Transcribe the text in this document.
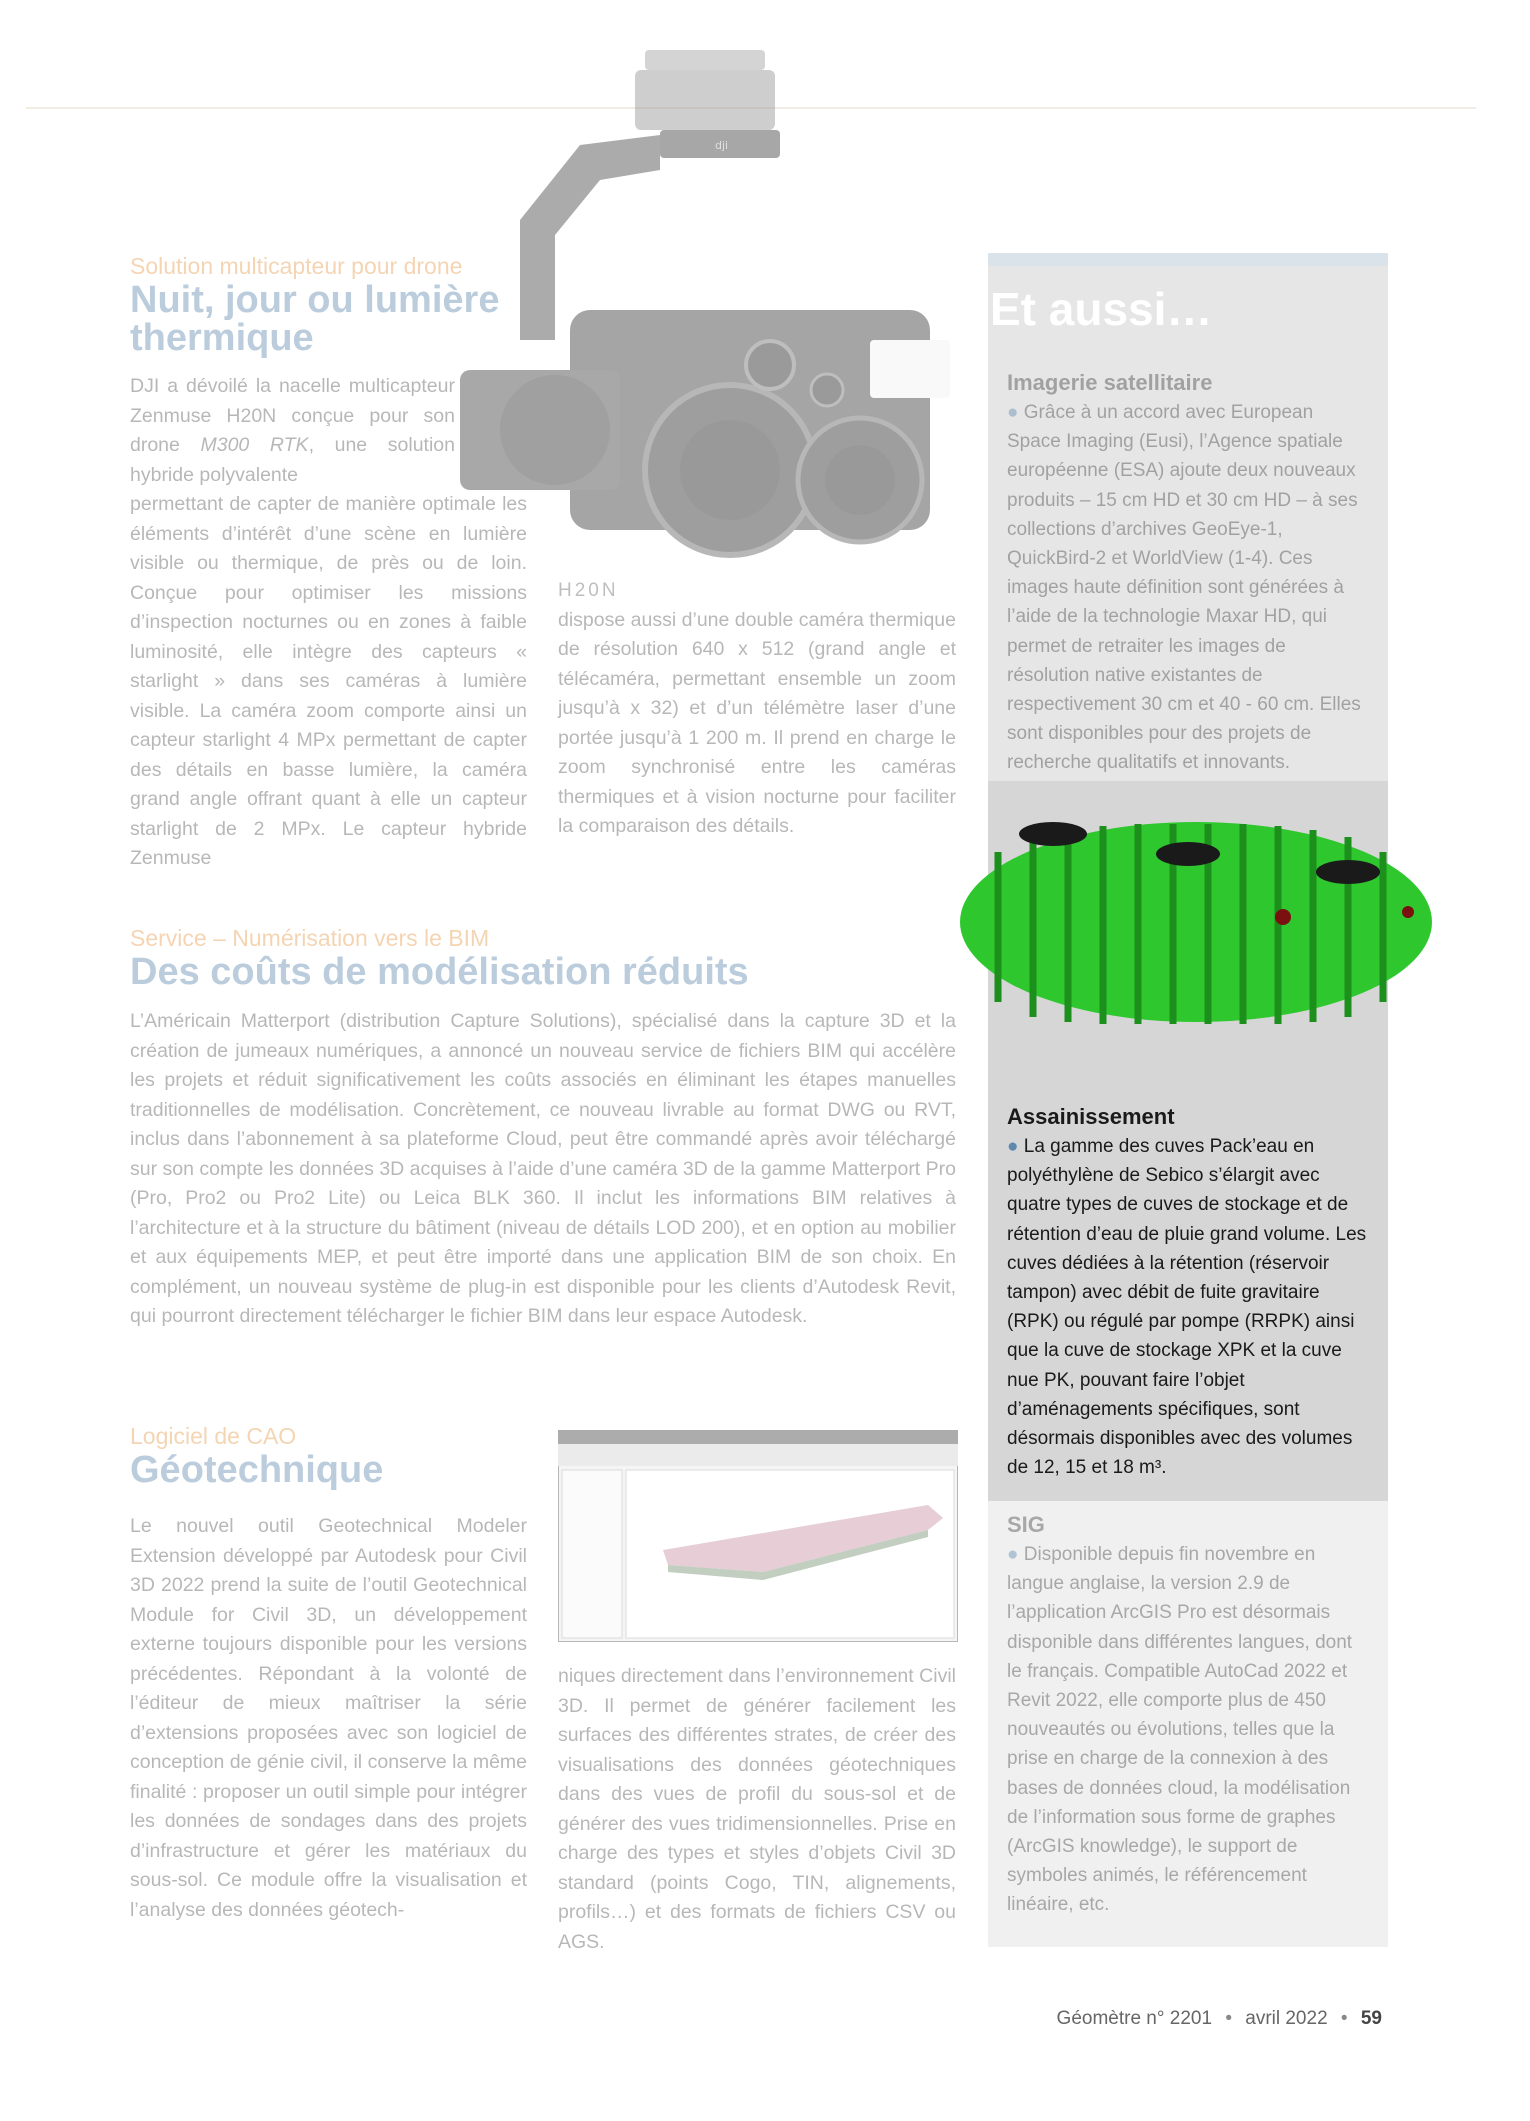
dji
Solution multicapteur pour drone
Nuit, jour ou lumière thermique

DJI a dévoilé la nacelle multicapteur Zenmuse H20N conçue pour son drone M300 RTK, une solution hybride polyvalente

permettant de capter de manière optimale les éléments d’intérêt d’une scène en lumière visible ou thermique, de près ou de loin. Conçue pour optimiser les missions d’inspection nocturnes ou en zones à faible luminosité, elle intègre des capteurs « starlight » dans ses caméras à lumière visible. La caméra zoom comporte ainsi un capteur starlight 4 MPx permettant de capter des détails en basse lumière, la caméra grand angle offrant quant à elle un capteur starlight de 2 MPx. Le capteur hybride Zenmuse

H20N

dispose aussi d’une double caméra thermique de résolution 640 x 512 (grand angle et télécaméra, permettant ensemble un zoom jusqu’à x 32) et d’un télémètre laser d’une portée jusqu’à 1 200 m. Il prend en charge le zoom synchronisé entre les caméras thermiques et à vision nocturne pour faciliter la comparaison des détails.

Service – Numérisation vers le BIM
Des coûts de modélisation réduits

L’Américain Matterport (distribution Capture Solutions), spécialisé dans la capture 3D et la création de jumeaux numériques, a annoncé un nouveau service de fichiers BIM qui accélère les projets et réduit significativement les coûts associés en éliminant les étapes manuelles traditionnelles de modélisation. Concrètement, ce nouveau livrable au format DWG ou RVT, inclus dans l’abonnement à sa plateforme Cloud, peut être commandé après avoir téléchargé sur son compte les données 3D acquises à l’aide d’une caméra 3D de la gamme Matterport Pro (Pro, Pro2 ou Pro2 Lite) ou Leica BLK 360. Il inclut les informations BIM relatives à l’architecture et à la structure du bâtiment (niveau de détails LOD 200), et en option au mobilier et aux équipements MEP, et peut être importé dans une application BIM de son choix. En complément, un nouveau système de plug-in est disponible pour les clients d’Autodesk Revit, qui pourront directement télécharger le fichier BIM dans leur espace Autodesk.

Logiciel de CAO
Géotechnique
Le nouvel outil Geotechnical Modeler Extension développé par Autodesk pour Civil 3D 2022 prend la suite de l’outil Geotechnical Module for Civil 3D, un développement externe toujours disponible pour les versions précédentes. Répondant à la volonté de l’éditeur de mieux maîtriser la série d’extensions proposées avec son logiciel de conception de génie civil, il conserve la même finalité : proposer un outil simple pour intégrer les données de sondages dans des projets d’infrastructure et gérer les matériaux du sous-sol. Ce module offre la visualisation et l’analyse des données géotech-
niques directement dans l’environnement Civil 3D. Il permet de générer facilement les surfaces des différentes strates, de créer des visualisations des données géotechniques dans des vues de profil du sous-sol et de générer des vues tridimensionnelles. Prise en charge des types et styles d’objets Civil 3D standard (points Cogo, TIN, alignements, profils…) et des formats de fichiers CSV ou AGS.
Et aussi…
Imagerie satellitaire
● Grâce à un accord avec European Space Imaging (Eusi), l’Agence spatiale européenne (ESA) ajoute deux nouveaux produits – 15 cm HD et 30 cm HD – à ses collections d’archives GeoEye-1, QuickBird-2 et WorldView (1-4). Ces images haute définition sont générées à l’aide de la technologie Maxar HD, qui permet de retraiter les images de résolution native existantes de respectivement 30 cm et 40 - 60 cm. Elles sont disponibles pour des projets de recherche qualitatifs et innovants.
Assainissement
● La gamme des cuves Pack’eau en polyéthylène de Sebico s’élargit avec quatre types de cuves de stockage et de rétention d’eau de pluie grand volume. Les cuves dédiées à la rétention (réservoir tampon) avec débit de fuite gravitaire (RPK) ou régulé par pompe (RRPK) ainsi que la cuve de stockage XPK et la cuve nue PK, pouvant faire l’objet d’aménagements spécifiques, sont désormais disponibles avec des volumes de 12, 15 et 18 m³.
SIG
● Disponible depuis fin novembre en langue anglaise, la version 2.9 de l’application ArcGIS Pro est désormais disponible dans différentes langues, dont le français. Compatible AutoCad 2022 et Revit 2022, elle comporte plus de 450 nouveautés ou évolutions, telles que la prise en charge de la connexion à des bases de données cloud, la modélisation de l’information sous forme de graphes (ArcGIS knowledge), le support de symboles animés, le référencement linéaire, etc.
Géomètre n° 2201 • avril 2022 • 59
